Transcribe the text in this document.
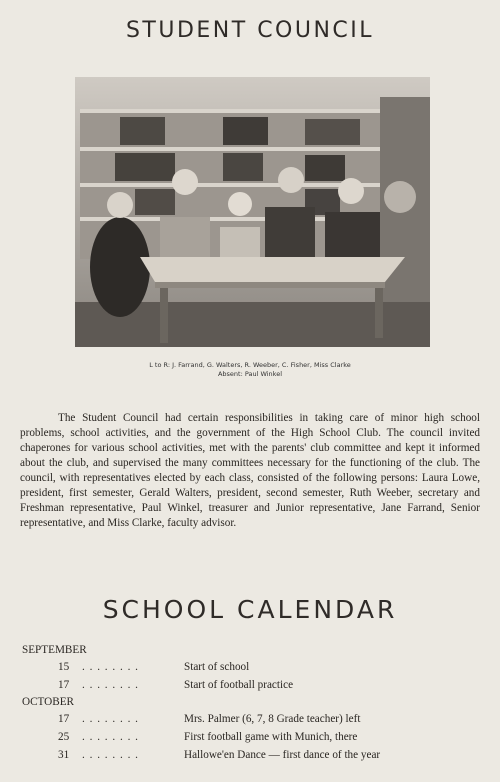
STUDENT COUNCIL
L to R: J. Farrand, G. Walters, R. Weeber, C. Fisher, Miss Clarke
Absent: Paul Winkel

The Student Council had certain responsibilities in taking care of minor high school problems, school activities, and the government of the High School Club. The council invited chaperones for various school activities, met with the parents' club committee and kept it informed about the club, and supervised the many committees necessary for the functioning of the club. The council, with representatives elected by each class, consisted of the following persons: Laura Lowe, president, first semester, Gerald Walters, president, second semester, Ruth Weeber, secretary and Freshman representative, Paul Winkel, treasurer and Junior representative, Jane Farrand, Senior representative, and Miss Clarke, faculty advisor.

SCHOOL CALENDAR
SEPTEMBER
15 . . . . . . . .	Start of school
17 . . . . . . . .	Start of football practice
OCTOBER
17 . . . . . . . .	Mrs. Palmer (6, 7, 8 Grade teacher) left
25 . . . . . . . .	First football game with Munich, there
31 . . . . . . . .	Hallowe'en Dance — first dance of the year
